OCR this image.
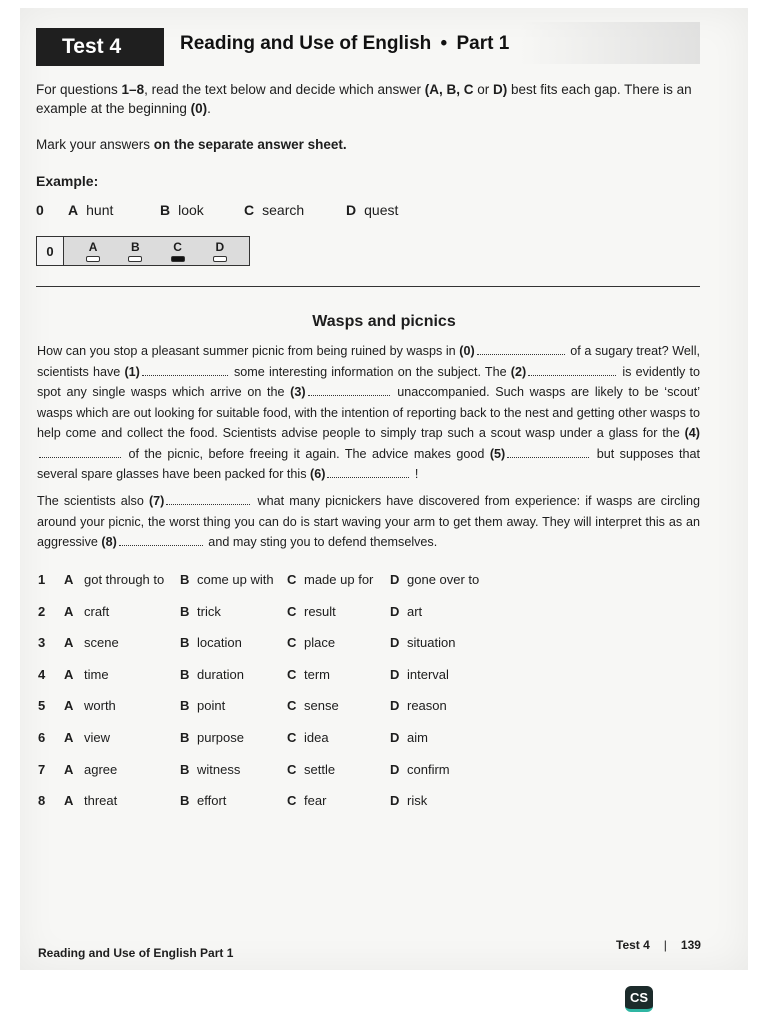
Test 4	Reading and Use of English • Part 1
For questions 1–8, read the text below and decide which answer (A, B, C or D) best fits each gap. There is an example at the beginning (0).
Mark your answers on the separate answer sheet.
Example:
0	A hunt	B look	C search	D quest
0	A	B	C	D
Wasps and picnics
How can you stop a pleasant summer picnic from being ruined by wasps in (0)	of a sugary treat? Well, scientists have (1)	some interesting information on the subject. The (2)	is evidently to spot any single wasps which arrive on the (3)	unaccompanied. Such wasps are likely to be ‘scout’ wasps which are out looking for suitable food, with the intention of reporting back to the nest and getting other wasps to help come and collect the food. Scientists advise people to simply trap such a scout wasp under a glass for the (4) of the picnic, before freeing it again. The advice makes good (5)	but supposes that several spare glasses have been packed for this (6)	!
The scientists also (7)	what many picnickers have discovered from experience: if wasps are circling around your picnic, the worst thing you can do is start waving your arm to get them away. They will interpret this as an aggressive (8)	and may sting you to defend themselves.
1 A got through to B come up with C made up for D gone over to
2 A craft	B trick	C result	D art
3 A scene	B location	C place	D situation
4 A time	B duration	C term	D interval
5 A worth	B point	C sense	D reason
6 A view	B purpose	C idea	D aim
7 A agree	B witness	C settle	D confirm
8 A threat	B effort	C fear	D risk
Reading and Use of English Part 1
Test 4 | 139
CS
